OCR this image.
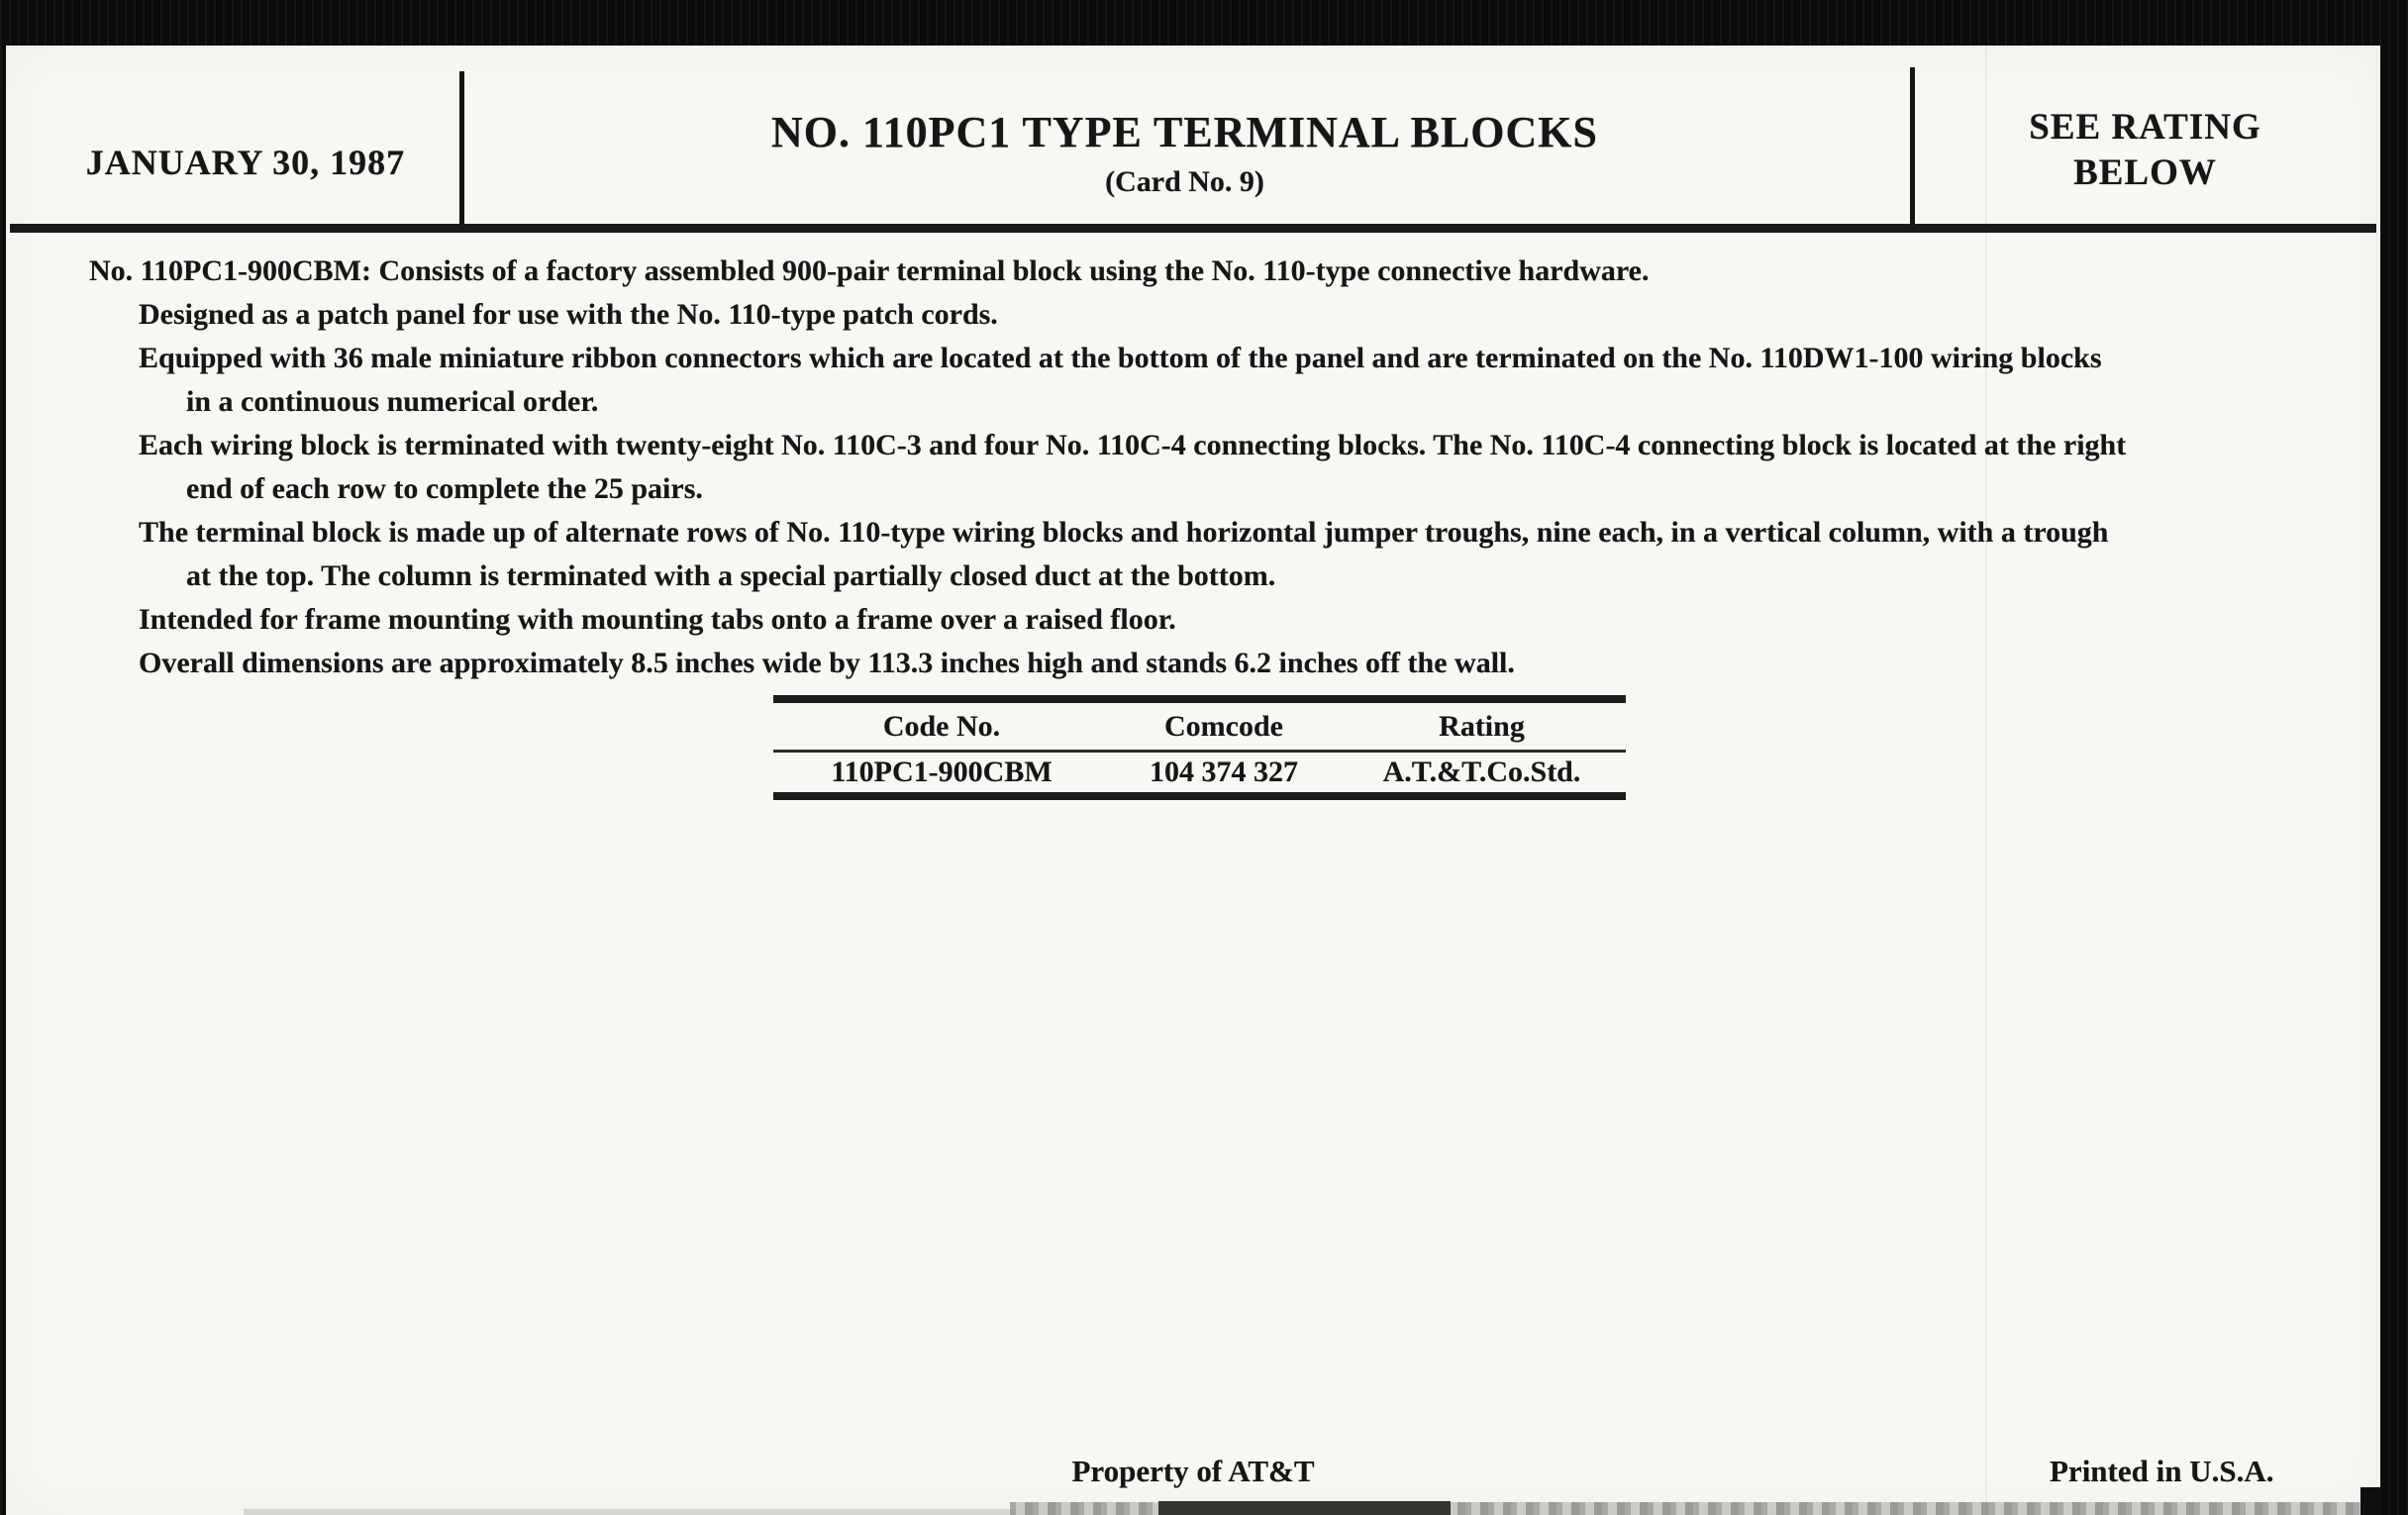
JANUARY 30, 1987
NO. 110PC1 TYPE TERMINAL BLOCKS
(Card No. 9)
SEE RATING
BELOW
No. 110PC1-900CBM: Consists of a factory assembled 900-pair terminal block using the No. 110-type connective hardware.
Designed as a patch panel for use with the No. 110-type patch cords.
Equipped with 36 male miniature ribbon connectors which are located at the bottom of the panel and are terminated on the No. 110DW1-100 wiring blocks
in a continuous numerical order.
Each wiring block is terminated with twenty-eight No. 110C-3 and four No. 110C-4 connecting blocks. The No. 110C-4 connecting block is located at the right
end of each row to complete the 25 pairs.
The terminal block is made up of alternate rows of No. 110-type wiring blocks and horizontal jumper troughs, nine each, in a vertical column, with a trough
at the top. The column is terminated with a special partially closed duct at the bottom.
Intended for frame mounting with mounting tabs onto a frame over a raised floor.
Overall dimensions are approximately 8.5 inches wide by 113.3 inches high and stands 6.2 inches off the wall.
Code No.	Comcode	Rating
110PC1-900CBM	104 374 327	A.T.&T.Co.Std.
Property of AT&T	Printed in U.S.A.
